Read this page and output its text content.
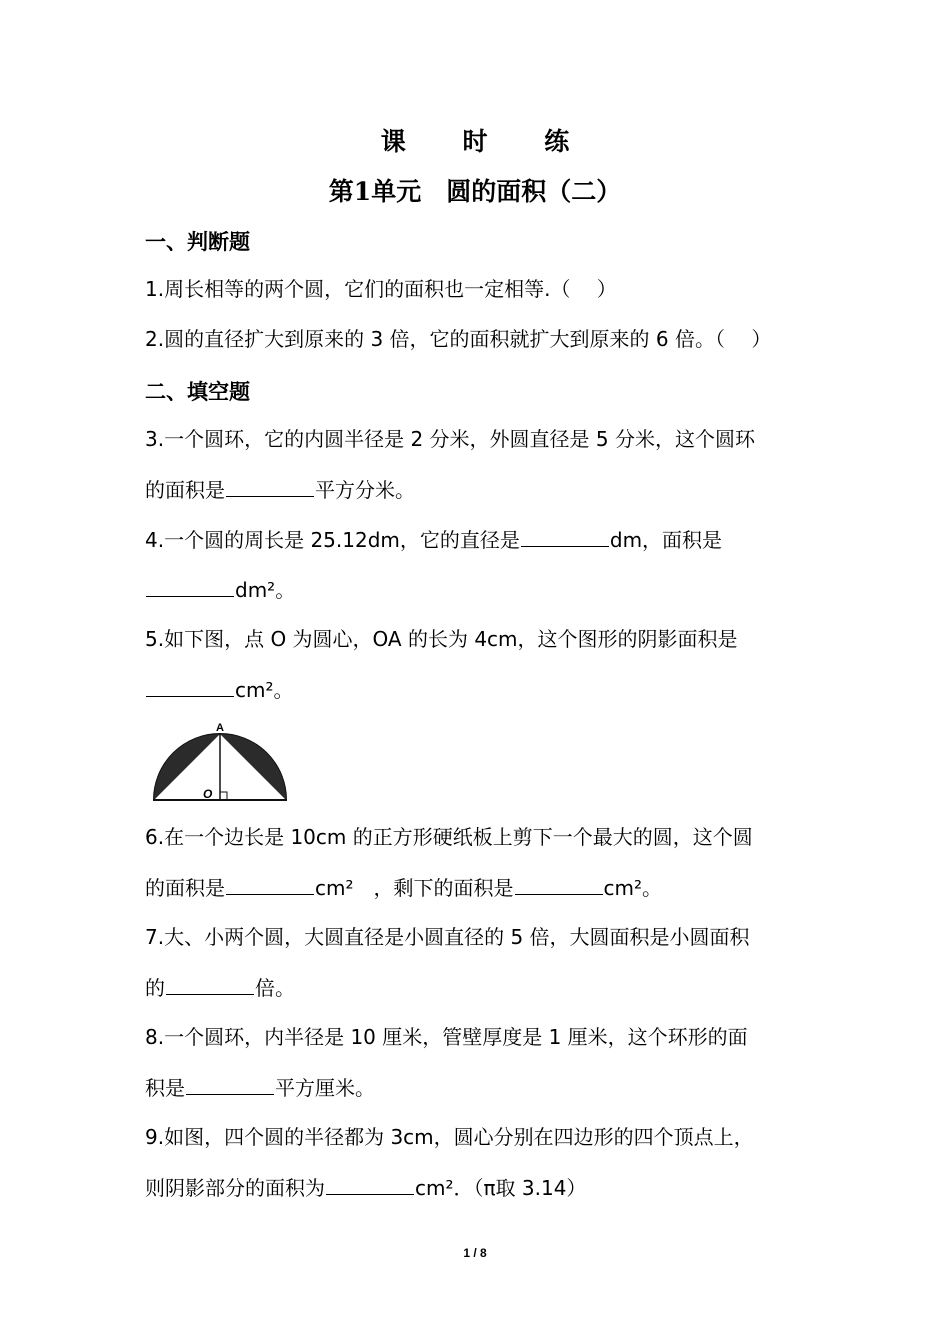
课 时 练
第1单元　圆的面积（二）
一、判断题
1.周长相等的两个圆，它们的面积也一定相等.（　 ）
2.圆的直径扩大到原来的 3 倍，它的面积就扩大到原来的 6 倍。（　 ）
二、填空题
3.一个圆环，它的内圆半径是 2 分米，外圆直径是 5 分米，这个圆环
的面积是	平方分米。
4.一个圆的周长是 25.12dm，它的直径是	dm，面积是
dm²。
5.如下图，点 O 为圆心，OA 的长为 4cm，这个图形的阴影面积是
cm²。
A
O
6.在一个边长是 10cm 的正方形硬纸板上剪下一个最大的圆，这个圆
的面积是	cm²　，剩下的面积是	cm²。
7.大、小两个圆，大圆直径是小圆直径的 5 倍，大圆面积是小圆面积
的	倍。
8.一个圆环，内半径是 10 厘米，管壁厚度是 1 厘米，这个环形的面
积是	平方厘米。
9.如图，四个圆的半径都为 3cm，圆心分别在四边形的四个顶点上，
则阴影部分的面积为	cm²．（π取 3.14）
1 / 8
